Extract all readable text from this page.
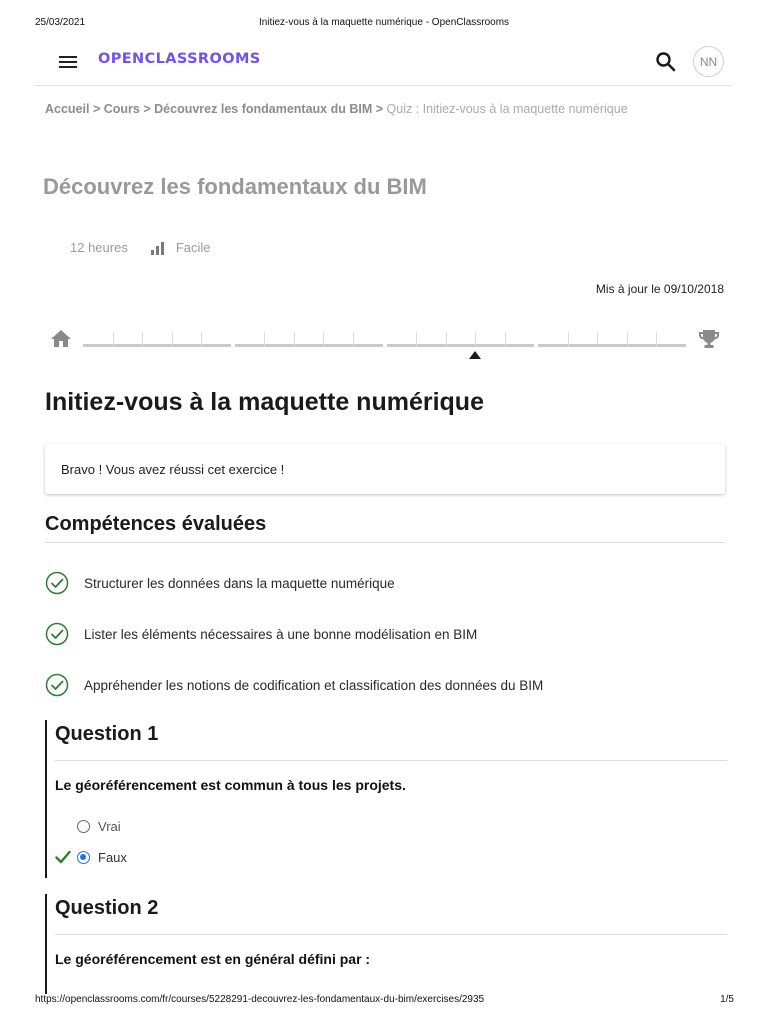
25/03/2021	Initiez-vous à la maquette numérique - OpenClassrooms
OPENCLASSROOMS	NN
Accueil > Cours > Découvrez les fondamentaux du BIM > Quiz : Initiez-vous à la maquette numérique
Découvrez les fondamentaux du BIM
12 heures	Facile
Mis à jour le 09/10/2018
Initiez-vous à la maquette numérique
Bravo ! Vous avez réussi cet exercice !
Compétences évaluées
Structurer les données dans la maquette numérique
Lister les éléments nécessaires à une bonne modélisation en BIM
Appréhender les notions de codification et classification des données du BIM
Question 1

Le géoréférencement est commun à tous les projets.

Vrai
Faux
Question 2

Le géoréférencement est en général défini par :

https://openclassrooms.com/fr/courses/5228291-decouvrez-les-fondamentaux-du-bim/exercises/2935	1/5
